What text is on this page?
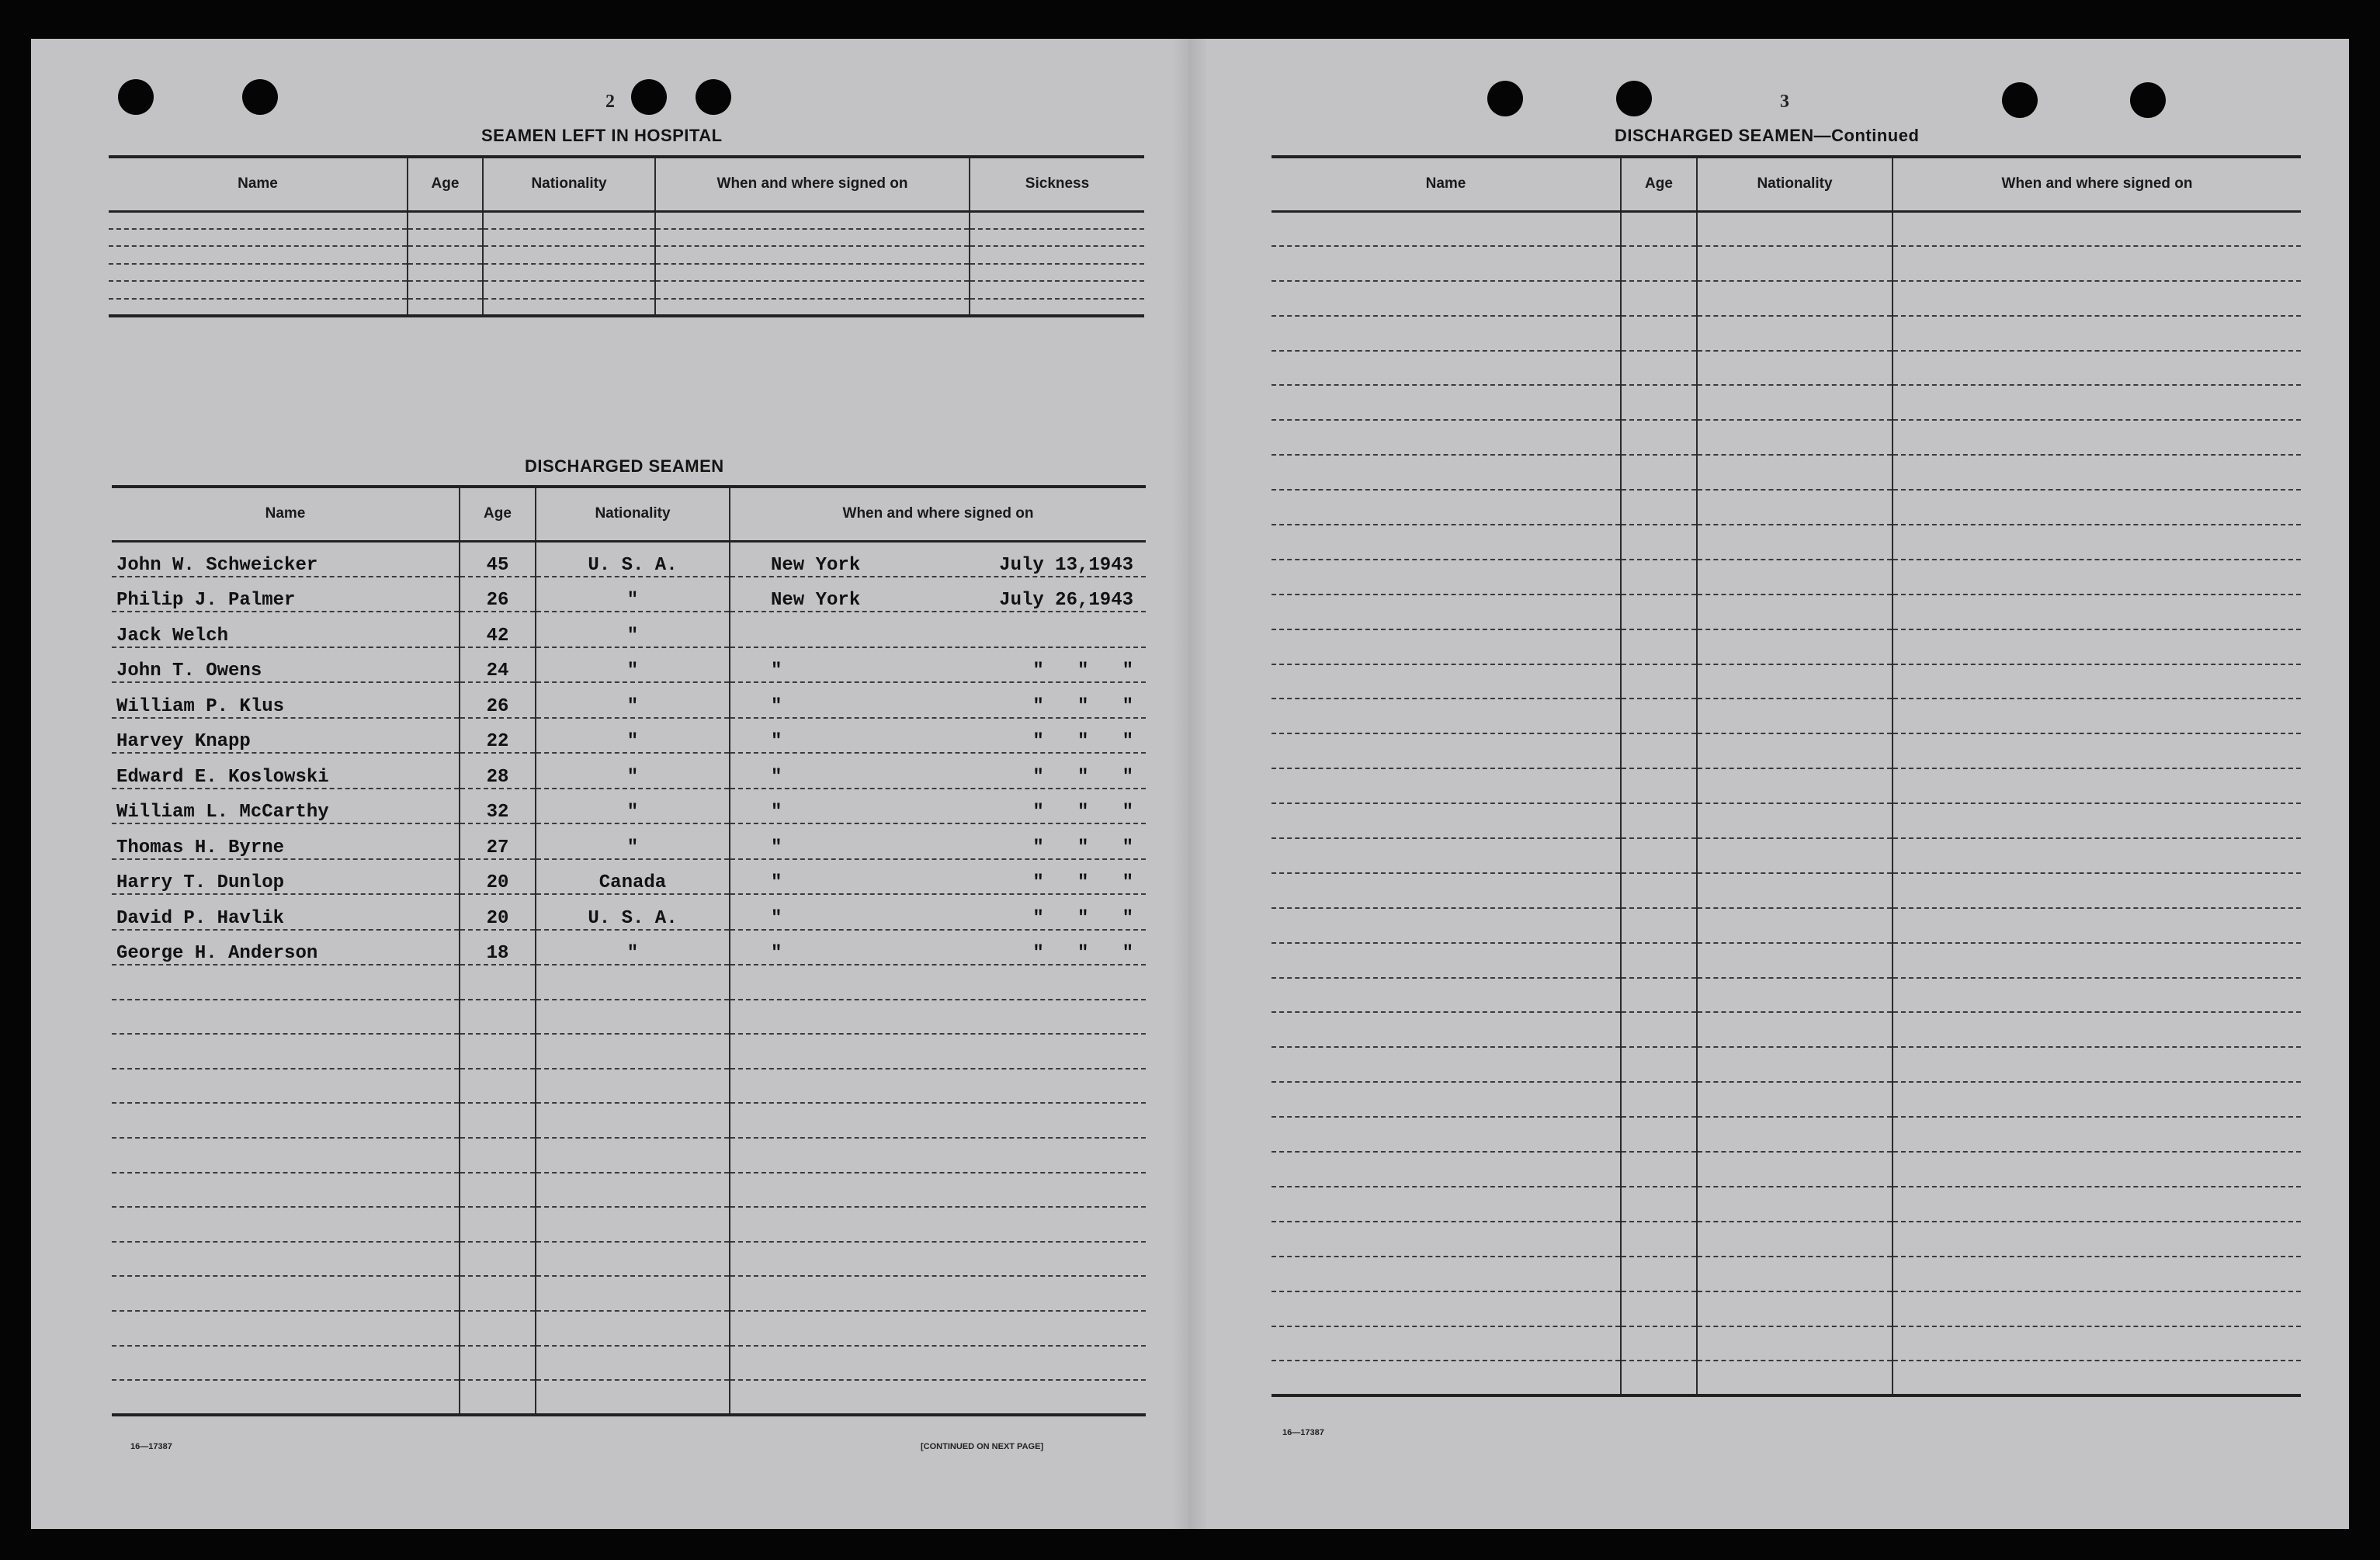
2
SEAMEN LEFT IN HOSPITAL
Name	Age	Nationality	When and where signed on	Sickness

DISCHARGED SEAMEN
Name	Age	Nationality	When and where signed on
John W. Schweicker	45	U. S. A.	New York July 13,1943

Philip J. Palmer	26	"	New York July 26,1943

Jack Welch	42	"	

John T. Owens	24	"	" "   "   "

William P. Klus	26	"	" "   "   "

Harvey Knapp	22	"	" "   "   "

Edward E. Koslowski	28	"	" "   "   "

William L. McCarthy	32	"	" "   "   "

Thomas H. Byrne	27	"	" "   "   "

Harry T. Dunlop	20	Canada	" "   "   "

David P. Havlik	20	U. S. A.	" "   "   "

George H. Anderson	18	"	" "   "   "

16—17387	[CONTINUED ON NEXT PAGE]
3
DISCHARGED SEAMEN—Continued
Name	Age	Nationality	When and where signed on

16—17387
